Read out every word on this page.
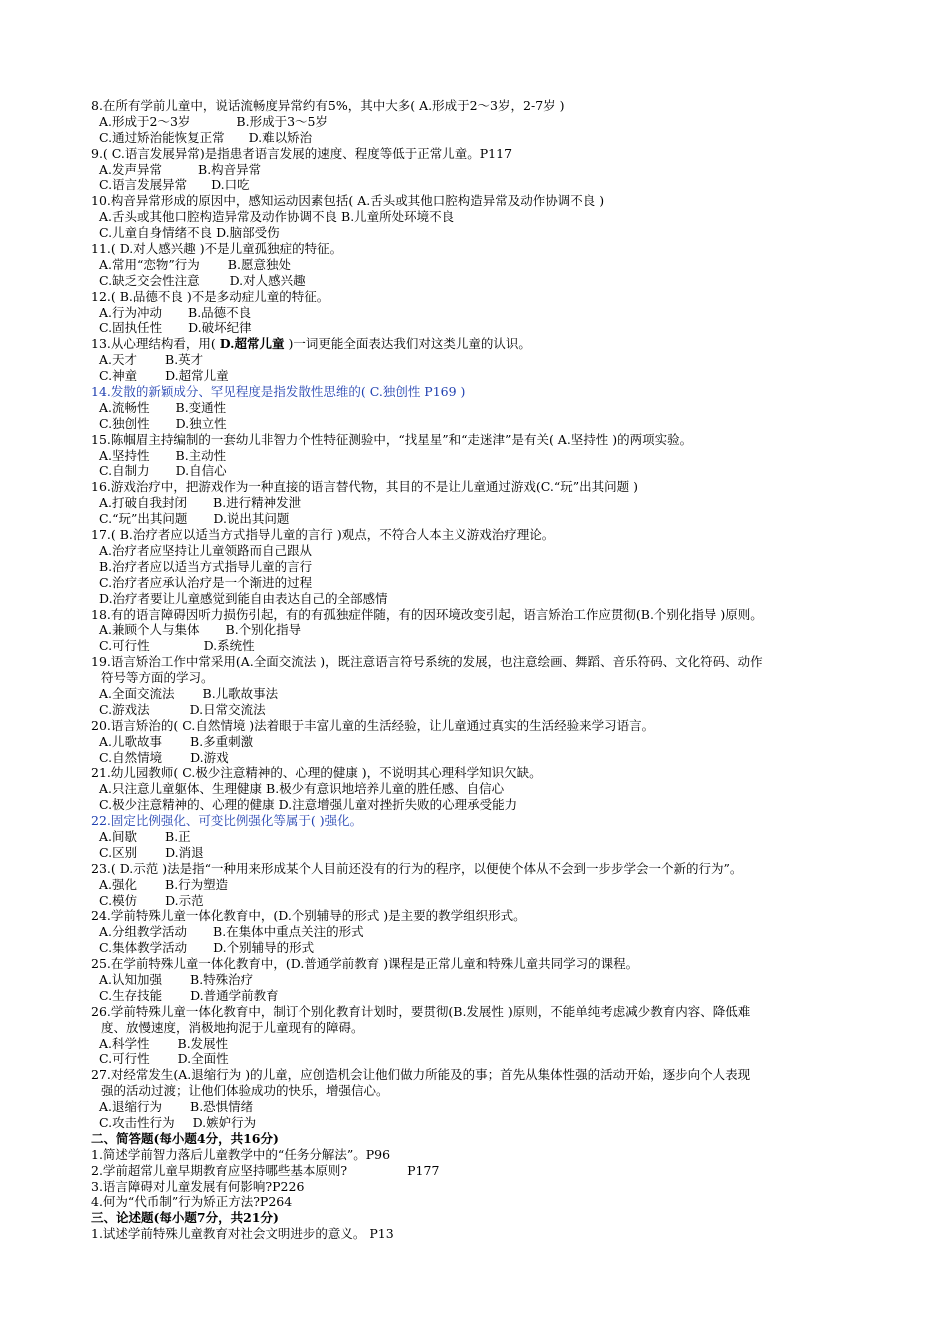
8.在所有学前儿童中，说话流畅度异常约有5%，其中大多( A.形成于2～3岁，2-7岁 )
A.形成于2～3岁	B.形成于3～5岁
C.通过矫治能恢复正常 D.难以矫治
9.( C.语言发展异常)是指患者语言发展的速度、程度等低于正常儿童。P117
A.发声异常	B.构音异常
C.语言发展异常 D.口吃
10.构音异常形成的原因中，感知运动因素包括( A.舌头或其他口腔构造异常及动作协调不良 )
A.舌头或其他口腔构造异常及动作协调不良 B.儿童所处环境不良
C.儿童自身情绪不良 D.脑部受伤
11.( D.对人感兴趣 )不是儿童孤独症的特征。
A.常用“恋物”行为 B.愿意独处
C.缺乏交会性注意 D.对人感兴趣
12.( B.品德不良 )不是多动症儿童的特征。
A.行为冲动 B.品德不良
C.固执任性 D.破坏纪律
13.从心理结构看，用( D.超常儿童 )一词更能全面表达我们对这类儿童的认识。
A.天才 B.英才
C.神童 D.超常儿童
14.发散的新颖成分、罕见程度是指发散性思维的( C.独创性 P169 )
A.流畅性 B.变通性
C.独创性 D.独立性
15.陈帼眉主持编制的一套幼儿非智力个性特征测验中，“找星星”和“走迷津”是有关( A.坚持性 )的两项实验。
A.坚持性 B.主动性
C.自制力 D.自信心
16.游戏治疗中，把游戏作为一种直接的语言替代物，其目的不是让儿童通过游戏(C.“玩”出其问题 )
A.打破自我封闭 B.进行精神发泄
C.“玩”出其问题 D.说出其问题
17.( B.治疗者应以适当方式指导儿童的言行 )观点，不符合人本主义游戏治疗理论。
A.治疗者应坚持让儿童领路而自己跟从
B.治疗者应以适当方式指导儿童的言行
C.治疗者应承认治疗是一个渐进的过程
D.治疗者要让儿童感觉到能自由表达自己的全部感情
18.有的语言障碍因听力损伤引起，有的有孤独症伴随，有的因环境改变引起，语言矫治工作应贯彻(B.个别化指导 )原则。
A.兼顾个人与集体 B.个别化指导
C.可行性	D.系统性
19.语言矫治工作中常采用(A.全面交流法 )，既注意语言符号系统的发展，也注意绘画、舞蹈、音乐符码、文化符码、动作
符号等方面的学习。
A.全面交流法 B.儿歌故事法
C.游戏法	D.日常交流法
20.语言矫治的( C.自然情境 )法着眼于丰富儿童的生活经验，让儿童通过真实的生活经验来学习语言。
A.儿歌故事 B.多重刺激
C.自然情境 D.游戏
21.幼儿园教师( C.极少注意精神的、心理的健康 )，不说明其心理科学知识欠缺。
A.只注意儿童躯体、生理健康 B.极少有意识地培养儿童的胜任感、自信心
C.极少注意精神的、心理的健康 D.注意增强儿童对挫折失败的心理承受能力
22.固定比例强化、可变比例强化等属于( )强化。
A.间歇 B.正
C.区别 D.消退
23.( D.示范 )法是指“一种用来形成某个人目前还没有的行为的程序，以便使个体从不会到一步步学会一个新的行为”。
A.强化 B.行为塑造
C.模仿 D.示范
24.学前特殊儿童一体化教育中，(D.个别辅导的形式 )是主要的教学组织形式。
A.分组教学活动 B.在集体中重点关注的形式
C.集体教学活动 D.个别辅导的形式
25.在学前特殊儿童一体化教育中，(D.普通学前教育 )课程是正常儿童和特殊儿童共同学习的课程。
A.认知加强 B.特殊治疗
C.生存技能 D.普通学前教育
26.学前特殊儿童一体化教育中，制订个别化教育计划时，要贯彻(B.发展性 )原则，不能单纯考虑减少教育内容、降低难
度、放慢速度，消极地拘泥于儿童现有的障碍。
A.科学性 B.发展性
C.可行性 D.全面性
27.对经常发生(A.退缩行为 )的儿童，应创造机会让他们做力所能及的事；首先从集体性强的活动开始，逐步向个人表现
强的活动过渡；让他们体验成功的快乐，增强信心。
A.退缩行为 B.恐惧情绪
C.攻击性行为 D.嫉妒行为
二、简答题(每小题4分，共16分)
1.简述学前智力落后儿童教学中的“任务分解法”。P96
2.学前超常儿童早期教育应坚持哪些基本原则?	P177
3.语言障碍对儿童发展有何影响?P226
4.何为“代币制”行为矫正方法?P264
三、论述题(每小题7分，共21分)
1.试述学前特殊儿童教育对社会文明进步的意义。 P13
